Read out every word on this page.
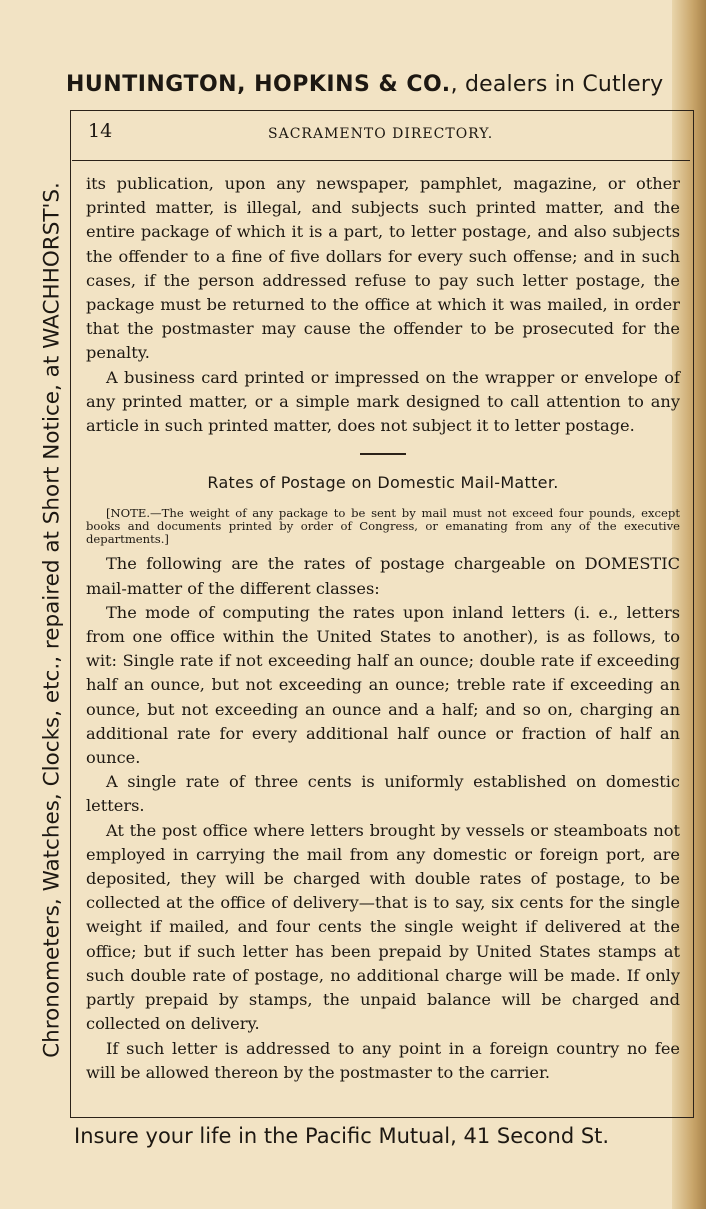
HUNTINGTON, HOPKINS & CO., dealers in Cutlery
Chronometers, Watches, Clocks, etc., repaired at Short Notice, at WACHHORST'S.
14	SACRAMENTO DIRECTORY.

its publication, upon any newspaper, pamphlet, magazine, or other printed matter, is illegal, and subjects such printed matter, and the entire package of which it is a part, to letter postage, and also subjects the offender to a fine of five dollars for every such offense; and in such cases, if the person addressed refuse to pay such letter postage, the package must be returned to the office at which it was mailed, in order that the postmaster may cause the offender to be prosecuted for the penalty.

A business card printed or impressed on the wrapper or envelope of any printed matter, or a simple mark designed to call attention to any article in such printed matter, does not subject it to letter postage.

Rates of Postage on Domestic Mail-Matter.
[NOTE.—The weight of any package to be sent by mail must not exceed four pounds, except books and documents printed by order of Congress, or emanating from any of the executive departments.]

The following are the rates of postage chargeable on DOMESTIC mail-matter of the different classes:

The mode of computing the rates upon inland letters (i. e., letters from one office within the United States to another), is as follows, to wit: Single rate if not exceeding half an ounce; double rate if exceeding half an ounce, but not exceeding an ounce; treble rate if exceeding an ounce, but not exceeding an ounce and a half; and so on, charging an additional rate for every additional half ounce or fraction of half an ounce.

A single rate of three cents is uniformly established on domestic letters.

At the post office where letters brought by vessels or steamboats not employed in carrying the mail from any domestic or foreign port, are deposited, they will be charged with double rates of postage, to be collected at the office of delivery—that is to say, six cents for the single weight if mailed, and four cents the single weight if delivered at the office; but if such letter has been prepaid by United States stamps at such double rate of postage, no additional charge will be made. If only partly prepaid by stamps, the unpaid balance will be charged and collected on delivery.

If such letter is addressed to any point in a foreign country no fee will be allowed thereon by the postmaster to the carrier.

Insure your life in the Pacific Mutual, 41 Second St.
